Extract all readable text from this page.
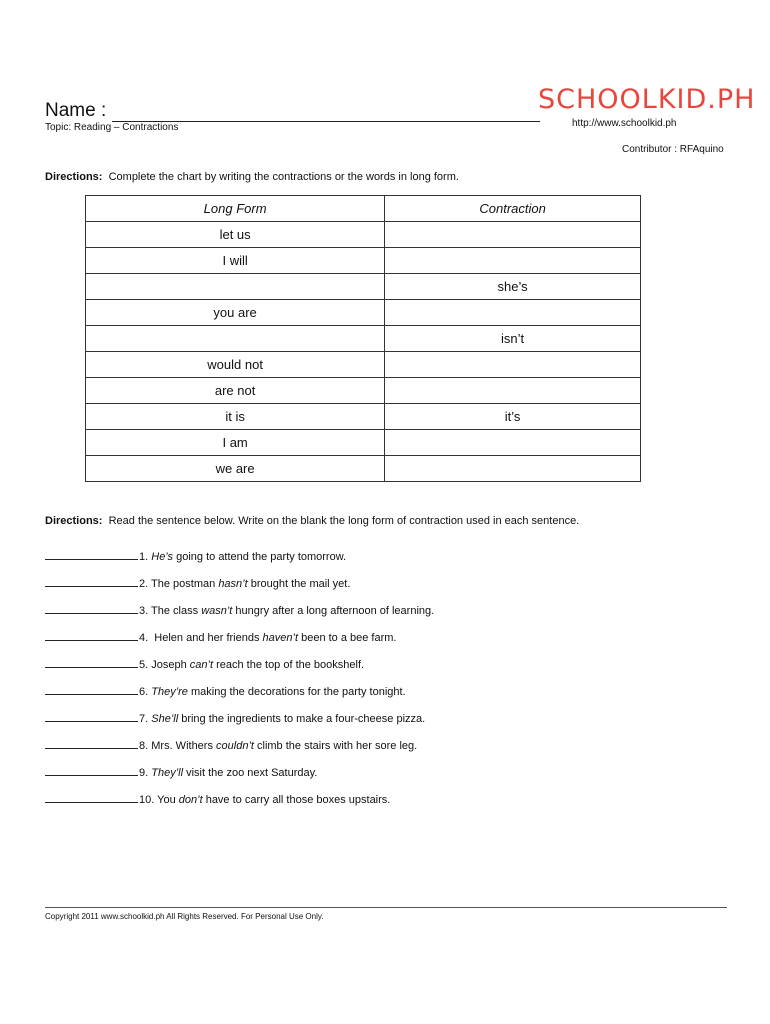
Name :
Topic: Reading – Contractions
SCHOOLKID.PH
http://www.schoolkid.ph
Contributor : RFAquino
Directions: Complete the chart by writing the contractions or the words in long form.
Long Form	Contraction
let us	
I will	
	she’s
you are	
	isn’t
would not	
are not	
it is	it’s
I am	
we are	
Directions: Read the sentence below. Write on the blank the long form of contraction used in each sentence.
1. He’s going to attend the party tomorrow.
2. The postman hasn’t brought the mail yet.
3. The class wasn’t hungry after a long afternoon of learning.
4.  Helen and her friends haven’t been to a bee farm.
5. Joseph can’t reach the top of the bookshelf.
6. They’re making the decorations for the party tonight.
7. She’ll bring the ingredients to make a four-cheese pizza.
8. Mrs. Withers couldn’t climb the stairs with her sore leg.
9. They’ll visit the zoo next Saturday.
10. You don’t have to carry all those boxes upstairs.
Copyright 2011 www.schoolkid.ph All Rights Reserved. For Personal Use Only.
